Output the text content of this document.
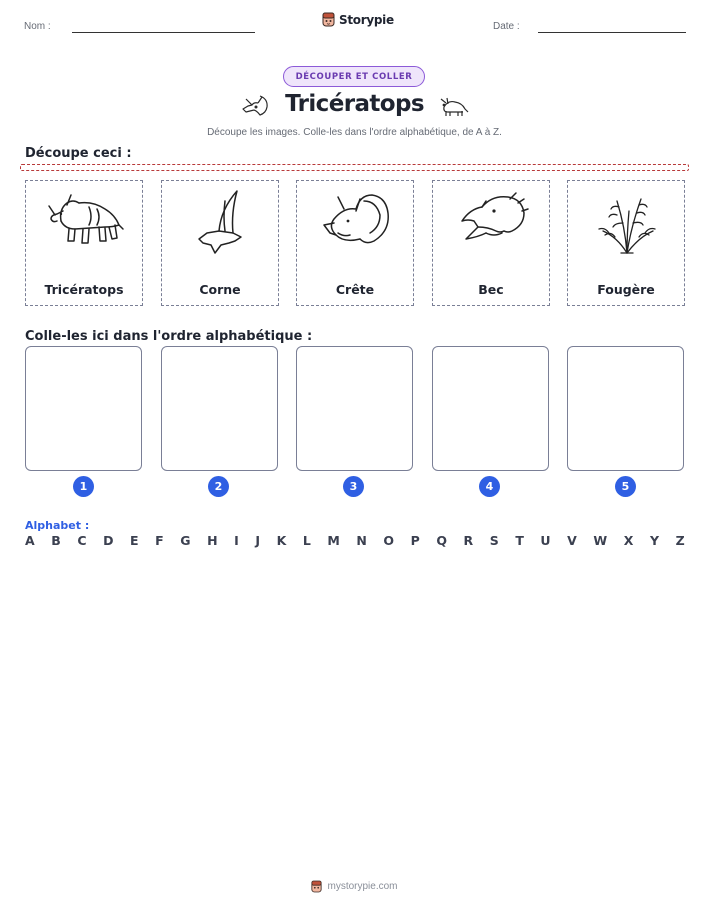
Nom :	Storypie	Date :
DÉCOUPER ET COLLER
Tricératops
Découpe les images. Colle-les dans l'ordre alphabétique, de A à Z.
Découpe ceci :
Tricératops	Corne	Crête	Bec	Fougère
Colle-les ici dans l'ordre alphabétique :
1	2	3	4	5
Alphabet :
A B C D E F G H I J K L M N O P Q R S T U V W X Y Z
mystorypie.com
